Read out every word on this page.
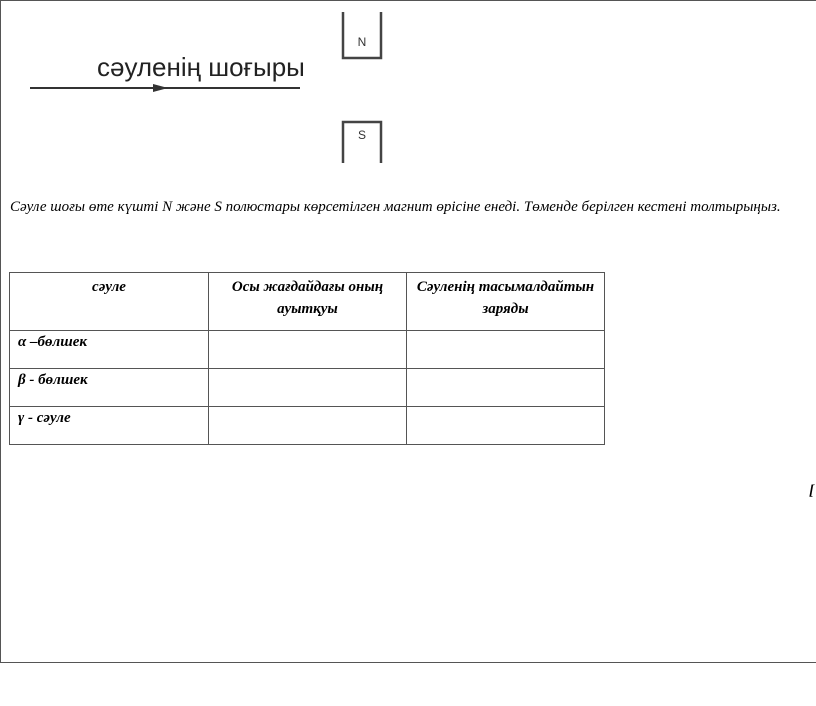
сәуленің шоғыры
N
S
Сәуле шоғы өте күшті N және S полюстары көрсетілген магнит өрісіне енеді. Төменде берілген кестені толтырыңыз.
сәуле	Осы жағдайдағы оның ауытқуы	Сәуленің тасымалдайтын заряды
α –бөлшек		
β - бөлшек		
γ - сәуле		
[
